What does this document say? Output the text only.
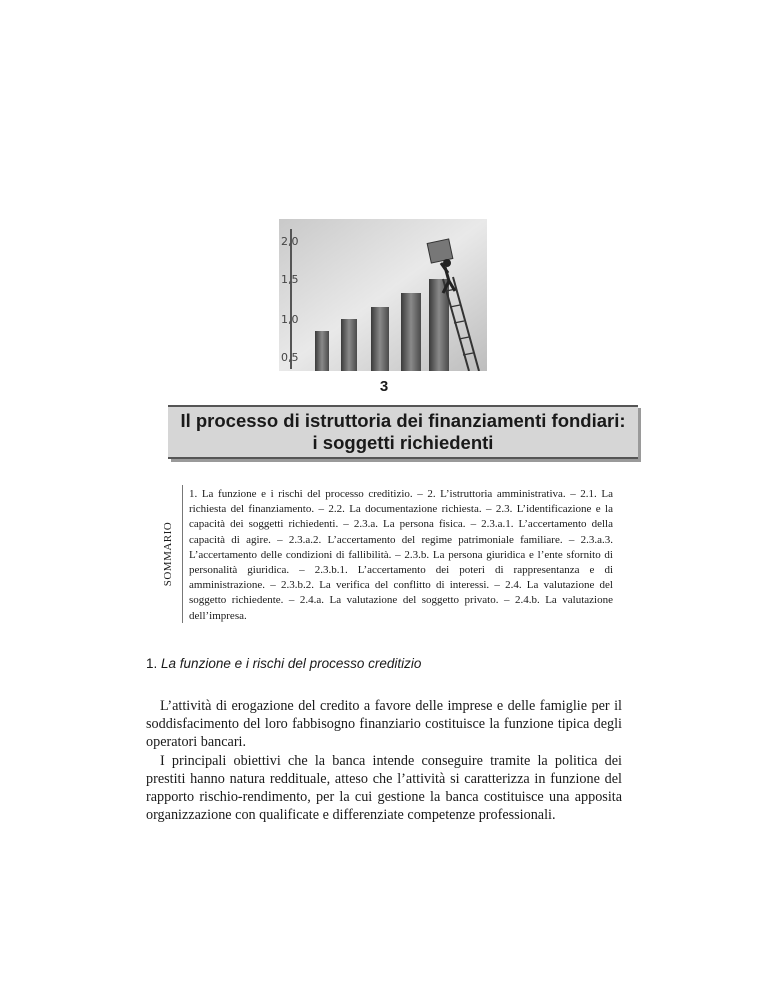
2,0
1,5
1,0
0,5
3
Il processo di istruttoria dei finanziamenti fondiari:
i soggetti richiedenti
SOMMARIO
1. La funzione e i rischi del processo creditizio. – 2. L’istruttoria amministrativa. – 2.1. La richiesta del finanziamento. – 2.2. La documentazione richiesta. – 2.3. L’identificazione e la capacità dei soggetti richiedenti. – 2.3.a. La persona fisica. – 2.3.a.1. L’accertamento della capacità di agire. – 2.3.a.2. L’accertamento del regime patrimoniale familiare. – 2.3.a.3. L’accertamento delle condizioni di fallibilità. – 2.3.b. La persona giuridica e l’ente sfornito di personalità giuridica. – 2.3.b.1. L’accertamento dei poteri di rappresentanza e di amministrazione. – 2.3.b.2. La verifica del conflitto di interessi. – 2.4. La valutazione del soggetto richiedente. – 2.4.a. La valutazione del soggetto privato. – 2.4.b. La valutazione dell’impresa.
1. La funzione e i rischi del processo creditizio

L’attività di erogazione del credito a favore delle imprese e delle famiglie per il soddisfacimento del loro fabbisogno finanziario costituisce la funzione tipica degli operatori bancari.

I principali obiettivi che la banca intende conseguire tramite la politica dei prestiti hanno natura reddituale, atteso che l’attività si caratterizza in funzione del rapporto rischio-rendimento, per la cui gestione la banca costituisce una apposita organizzazione con qualificate e differenziate competenze professionali.
